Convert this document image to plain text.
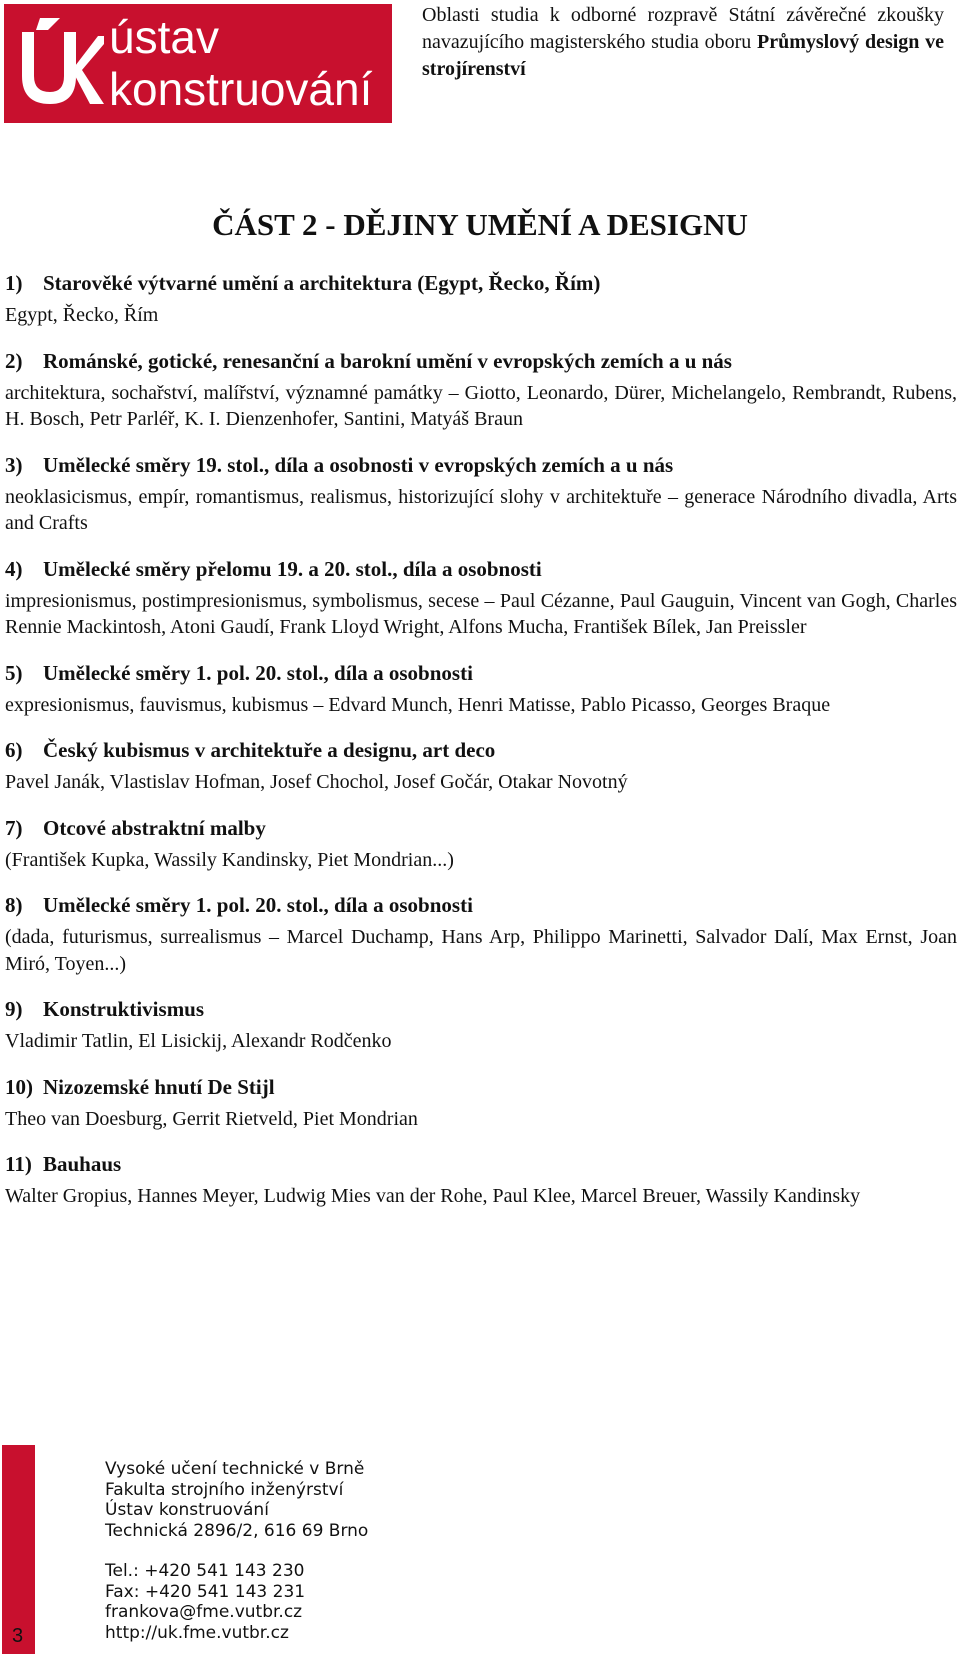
ústav
konstruování
Oblasti studia k odborné rozpravě Státní závěrečné zkoušky navazujícího magisterského studia oboru Průmyslový design ve strojírenství
ČÁST 2 - DĚJINY UMĚNÍ A DESIGNU
1) Starověké výtvarné umění a architektura (Egypt, Řecko, Řím)
Egypt, Řecko, Řím
2) Románské, gotické, renesanční a barokní umění v evropských zemích a u nás
architektura, sochařství, malířství, významné památky – Giotto, Leonardo, Dürer, Michelangelo, Rembrandt, Rubens, H. Bosch, Petr Parléř, K. I. Dienzenhofer, Santini, Matyáš Braun
3) Umělecké směry 19. stol., díla a osobnosti v evropských zemích a u nás
neoklasicismus, empír, romantismus, realismus, historizující slohy v architektuře – generace Národního divadla, Arts and Crafts
4) Umělecké směry přelomu 19. a 20. stol., díla a osobnosti
impresionismus, postimpresionismus, symbolismus, secese – Paul Cézanne, Paul Gauguin, Vincent van Gogh, Charles Rennie Mackintosh, Atoni Gaudí, Frank Lloyd Wright, Alfons Mucha, František Bílek, Jan Preissler
5) Umělecké směry 1. pol. 20. stol., díla a osobnosti
expresionismus, fauvismus, kubismus – Edvard Munch, Henri Matisse, Pablo Picasso, Georges Braque
6) Český kubismus v architektuře a designu, art deco
Pavel Janák, Vlastislav Hofman, Josef Chochol, Josef Gočár, Otakar Novotný
7) Otcové abstraktní malby
(František Kupka, Wassily Kandinsky, Piet Mondrian...)
8) Umělecké směry 1. pol. 20. stol., díla a osobnosti
(dada, futurismus, surrealismus – Marcel Duchamp, Hans Arp, Philippo Marinetti, Salvador Dalí, Max Ernst, Joan Miró, Toyen...)
9) Konstruktivismus
Vladimir Tatlin, El Lisickij, Alexandr Rodčenko
10) Nizozemské hnutí De Stijl
Theo van Doesburg, Gerrit Rietveld, Piet Mondrian
11) Bauhaus
Walter Gropius, Hannes Meyer, Ludwig Mies van der Rohe, Paul Klee, Marcel Breuer, Wassily Kandinsky
3
Vysoké učení technické v Brně
Fakulta strojního inženýrství
Ústav konstruování
Technická 2896/2, 616 69 Brno
Tel.: +420 541 143 230
Fax: +420 541 143 231
frankova@fme.vutbr.cz
http://uk.fme.vutbr.cz
